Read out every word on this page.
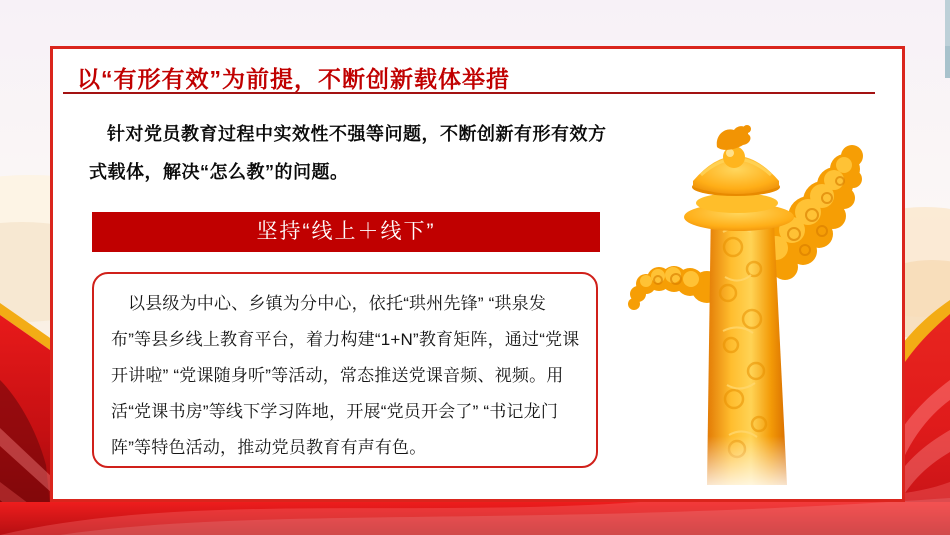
以“有形有效”为前提，不断创新载体举措
针对党员教育过程中实效性不强等问题，不断创新有形有效方式载体，解决“怎么教”的问题。
坚持“线上＋线下”
以县级为中心、乡镇为分中心，依托“珙州先锋” “珙泉发布”等县乡线上教育平台，着力构建“1+N”教育矩阵，通过“党课开讲啦” “党课随身听”等活动，常态推送党课音频、视频。用活“党课书房”等线下学习阵地，开展“党员开会了” “书记龙门阵”等特色活动，推动党员教育有声有色。
